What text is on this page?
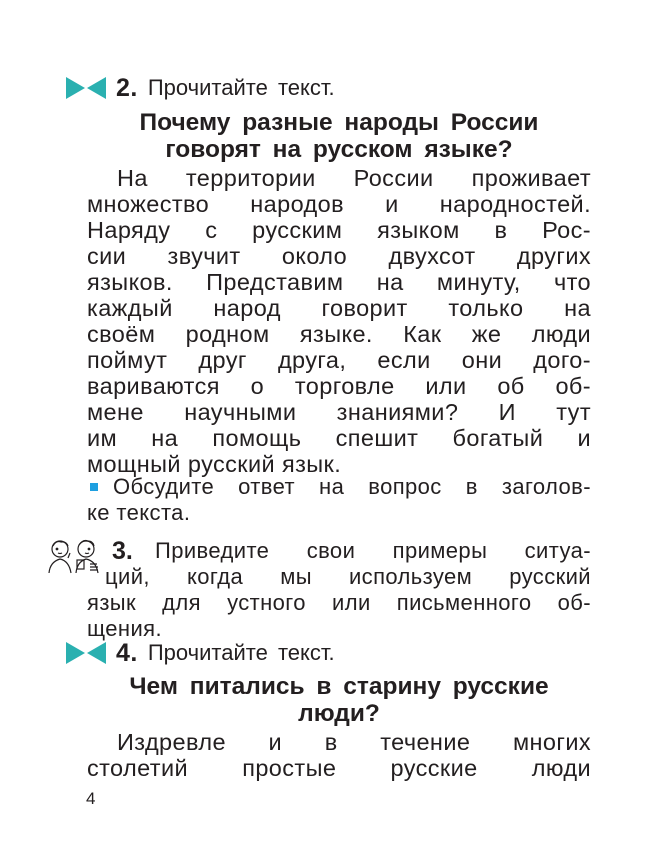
2. Прочитайте текст.
Почему разные народы России
говорят на русском языке?
На территории России проживает
множество народов и народностей.
Наряду с русским языком в Рос-
сии звучит около двухсот других
языков. Представим на минуту, что
каждый народ говорит только на
своём родном языке. Как же люди
поймут друг друга, если они дого-
вариваются о торговле или об об-
мене научными знаниями? И тут
им на помощь спешит богатый и
мощный русский язык.
Обсудите ответ на вопрос в заголов-
ке текста.
3. Приведите свои примеры ситуа-
ций, когда мы используем русский
язык для устного или письменного об-
щения.
4. Прочитайте текст.
Чем питались в старину русские
люди?
Издревле и в течение многих
столетий простые русские люди
4
